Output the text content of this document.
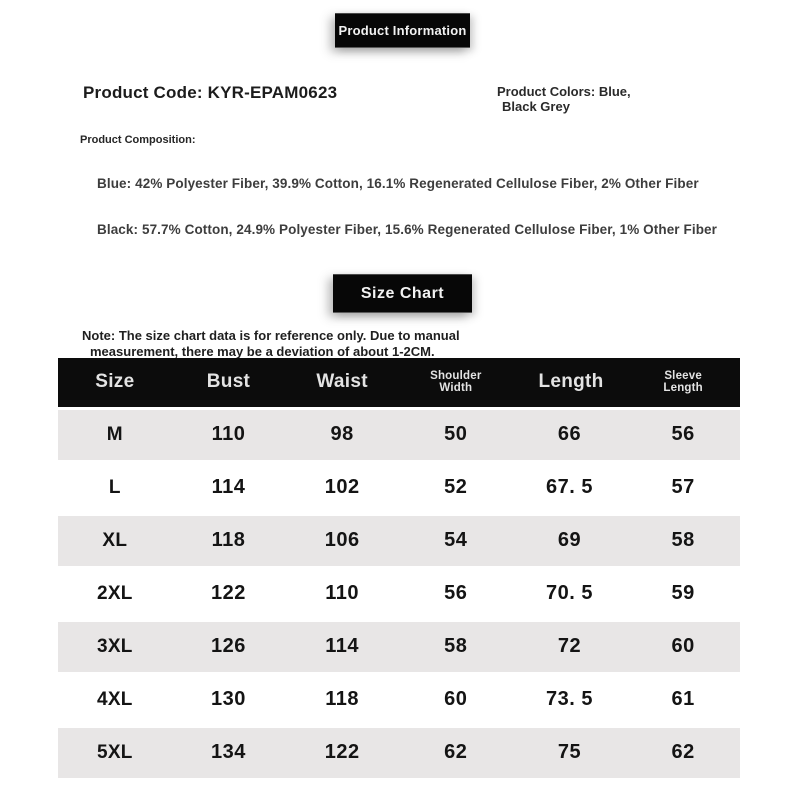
Product Information
Product Code: KYR-EPAM0623	Product Colors: Blue,
Black Grey
Product Composition:
Blue: 42% Polyester Fiber, 39.9% Cotton, 16.1% Regenerated Cellulose Fiber, 2% Other Fiber
Black: 57.7% Cotton, 24.9% Polyester Fiber, 15.6% Regenerated Cellulose Fiber, 1% Other Fiber
Size Chart
Note: The size chart data is for reference only. Due to manual
measurement, there may be a deviation of about 1-2CM.
Size	Bust	Waist	Shoulder Width	Length	Sleeve Length
M	110	98	50	66	56
L	114	102	52	67. 5	57
XL	118	106	54	69	58
2XL	122	110	56	70. 5	59
3XL	126	114	58	72	60
4XL	130	118	60	73. 5	61
5XL	134	122	62	75	62
